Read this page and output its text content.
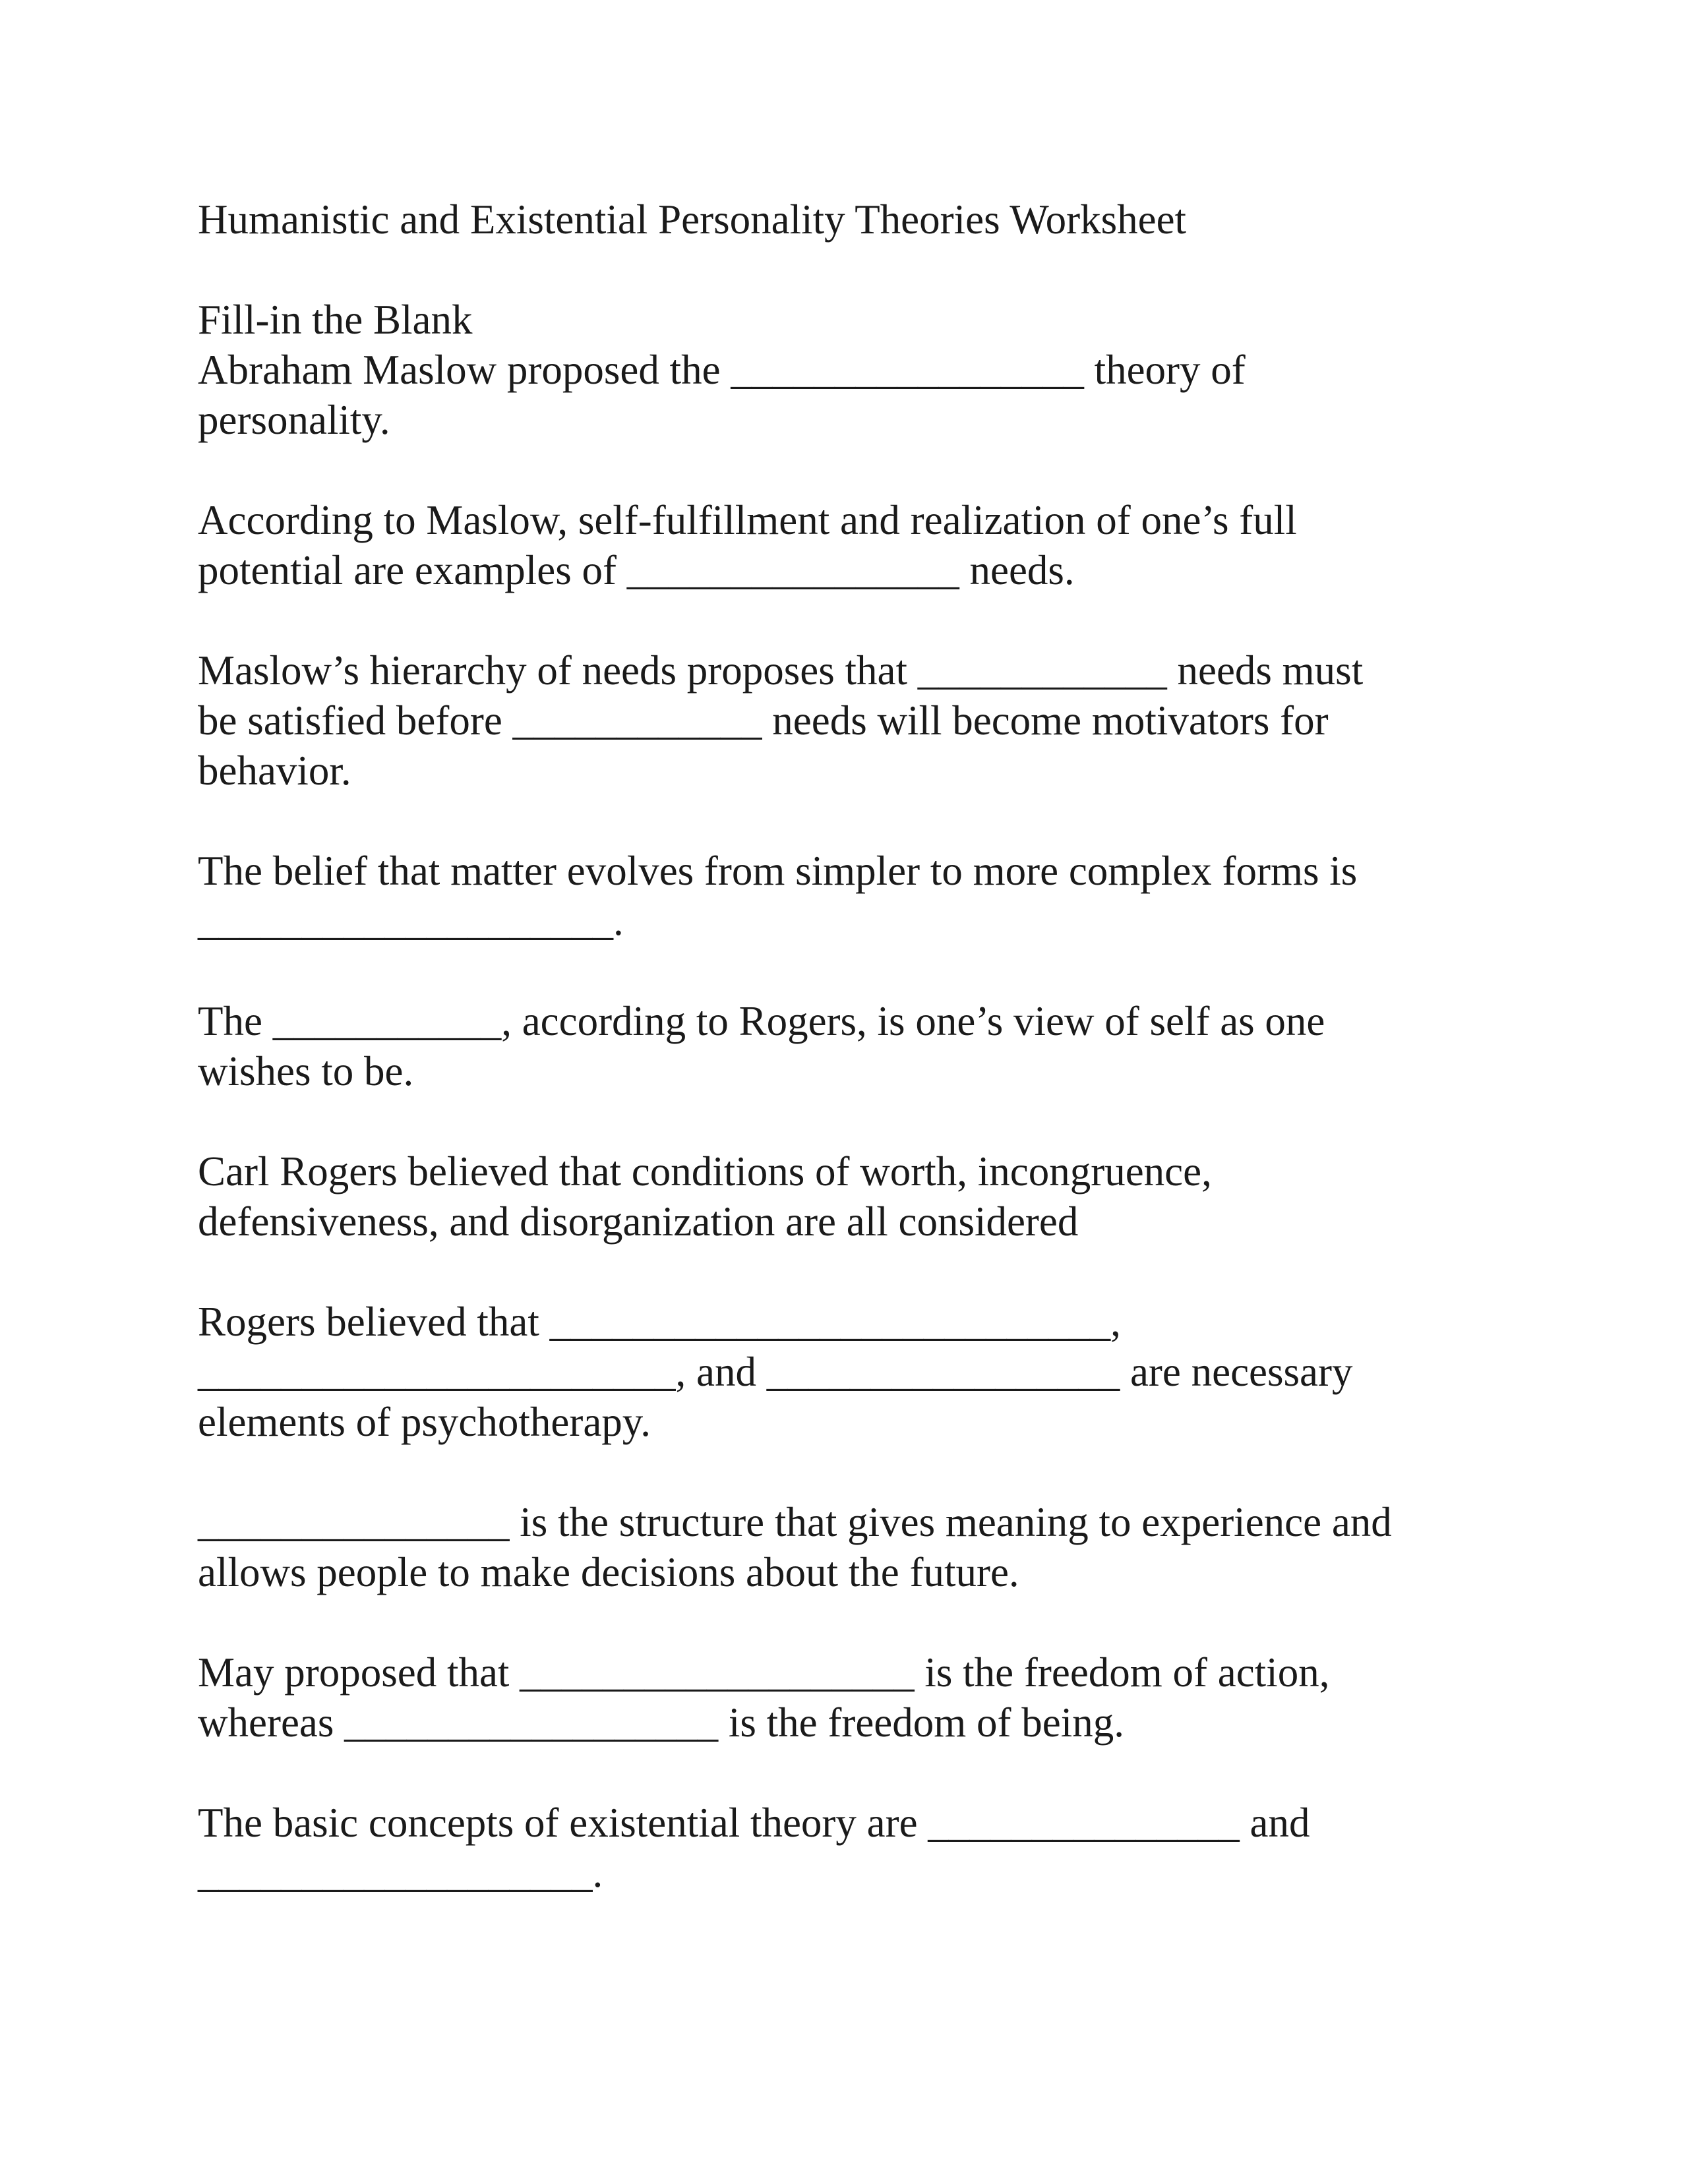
Humanistic and Existential Personality Theories Worksheet
Fill-in the Blank
Abraham Maslow proposed the _________________ theory of
personality.
According to Maslow, self-fulfillment and realization of one’s full
potential are examples of ________________ needs.
Maslow’s hierarchy of needs proposes that ____________ needs must
be satisfied before ____________ needs will become motivators for
behavior.
The belief that matter evolves from simpler to more complex forms is
____________________.
The ___________, according to Rogers, is one’s view of self as one
wishes to be.
Carl Rogers believed that conditions of worth, incongruence,
defensiveness, and disorganization are all considered
Rogers believed that ___________________________,
_______________________, and _________________ are necessary
elements of psychotherapy.
_______________ is the structure that gives meaning to experience and
allows people to make decisions about the future.
May proposed that ___________________ is the freedom of action,
whereas __________________ is the freedom of being.
The basic concepts of existential theory are _______________ and
___________________.
